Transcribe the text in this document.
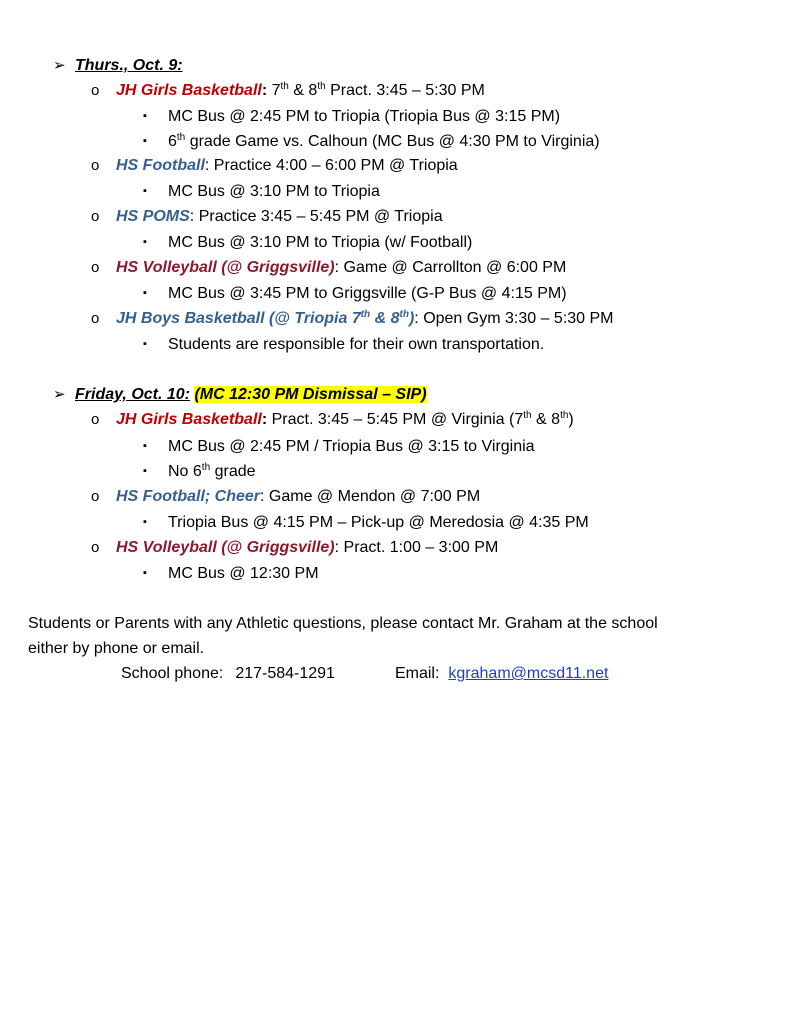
➢ Thurs., Oct. 9:
o JH Girls Basketball: 7th & 8th Pract. 3:45 – 5:30 PM
▪ MC Bus @ 2:45 PM to Triopia (Triopia Bus @ 3:15 PM)
▪ 6th grade Game vs. Calhoun (MC Bus @ 4:30 PM to Virginia)
o HS Football: Practice 4:00 – 6:00 PM @ Triopia
▪ MC Bus @ 3:10 PM to Triopia
o HS POMS: Practice 3:45 – 5:45 PM @ Triopia
▪ MC Bus @ 3:10 PM to Triopia (w/ Football)
o HS Volleyball (@ Griggsville): Game @ Carrollton @ 6:00 PM
▪ MC Bus @ 3:45 PM to Griggsville (G-P Bus @ 4:15 PM)
o JH Boys Basketball (@ Triopia 7th & 8th): Open Gym 3:30 – 5:30 PM
▪ Students are responsible for their own transportation.
➢ Friday, Oct. 10: (MC 12:30 PM Dismissal – SIP)
o JH Girls Basketball: Pract. 3:45 – 5:45 PM @ Virginia (7th & 8th)
▪ MC Bus @ 2:45 PM / Triopia Bus @ 3:15 to Virginia
▪ No 6th grade
o HS Football; Cheer: Game @ Mendon @ 7:00 PM
▪ Triopia Bus @ 4:15 PM – Pick-up @ Meredosia @ 4:35 PM
o HS Volleyball (@ Griggsville): Pract. 1:00 – 3:00 PM
▪ MC Bus @ 12:30 PM
Students or Parents with any Athletic questions, please contact Mr. Graham at the school
either by phone or email.
School phone: 217-584-1291	Email: kgraham@mcsd11.net
